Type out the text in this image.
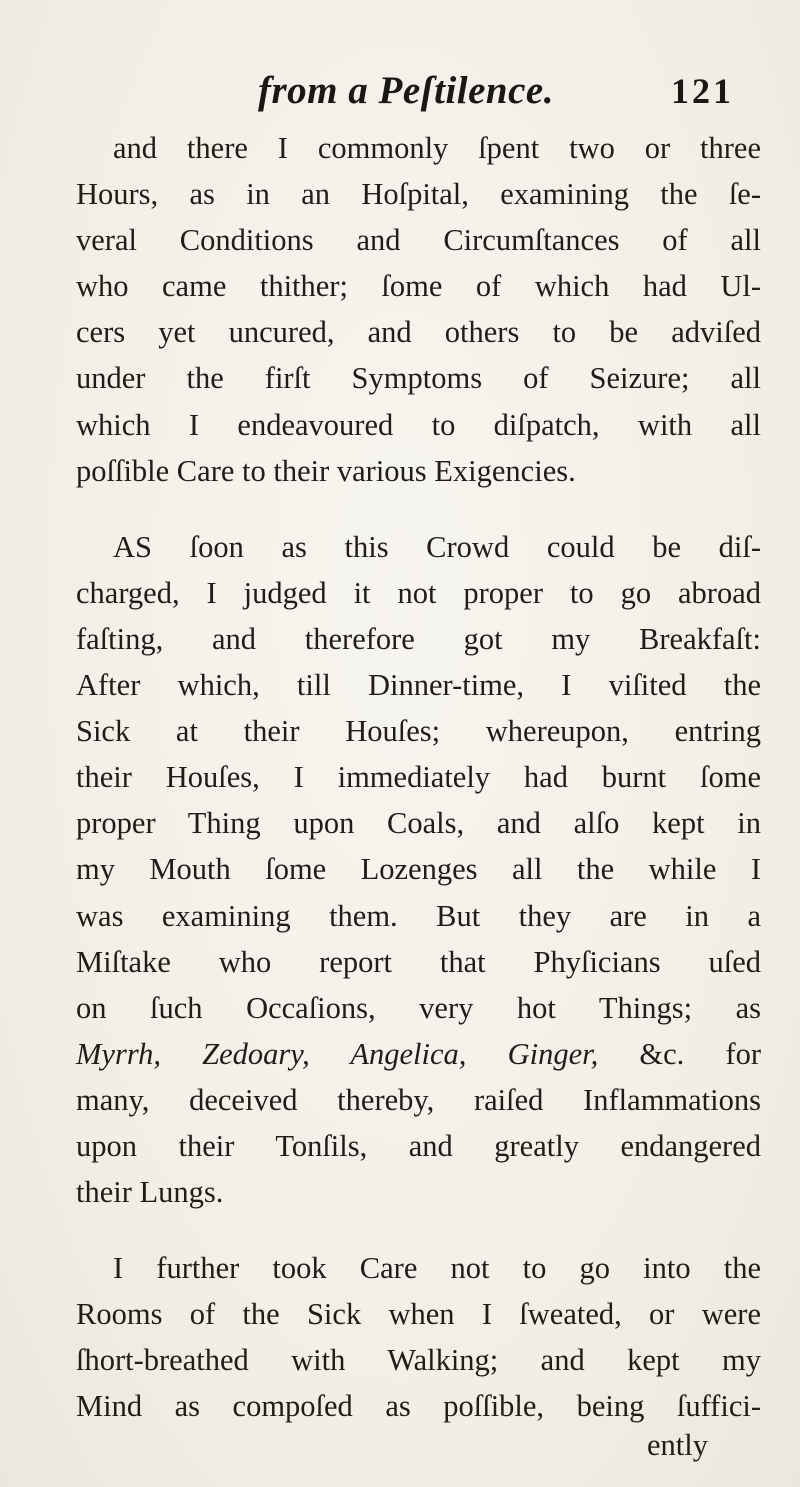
from a Peſtilence.	121
and there I commonly ſpent two or three
Hours, as in an Hoſpital, examining the ſe-
veral Conditions and Circumſtances of all
who came thither; ſome of which had Ul-
cers yet uncured, and others to be adviſed
under the firſt Symptoms of Seizure; all
which I endeavoured to diſpatch, with all
poſſible Care to their various Exigencies.
AS ſoon as this Crowd could be diſ-
charged, I judged it not proper to go abroad
faſting, and therefore got my Breakfaſt:
After which, till Dinner-time, I viſited the
Sick at their Houſes; whereupon, entring
their Houſes, I immediately had burnt ſome
proper Thing upon Coals, and alſo kept in
my Mouth ſome Lozenges all the while I
was examining them. But they are in a
Miſtake who report that Phyſicians uſed
on ſuch Occaſions, very hot Things; as
Myrrh, Zedoary, Angelica, Ginger, &c. for
many, deceived thereby, raiſed Inflammations
upon their Tonſils, and greatly endangered
their Lungs.
I further took Care not to go into the
Rooms of the Sick when I ſweated, or were
ſhort-breathed with Walking; and kept my
Mind as compoſed as poſſible, being ſuffici-
ently
